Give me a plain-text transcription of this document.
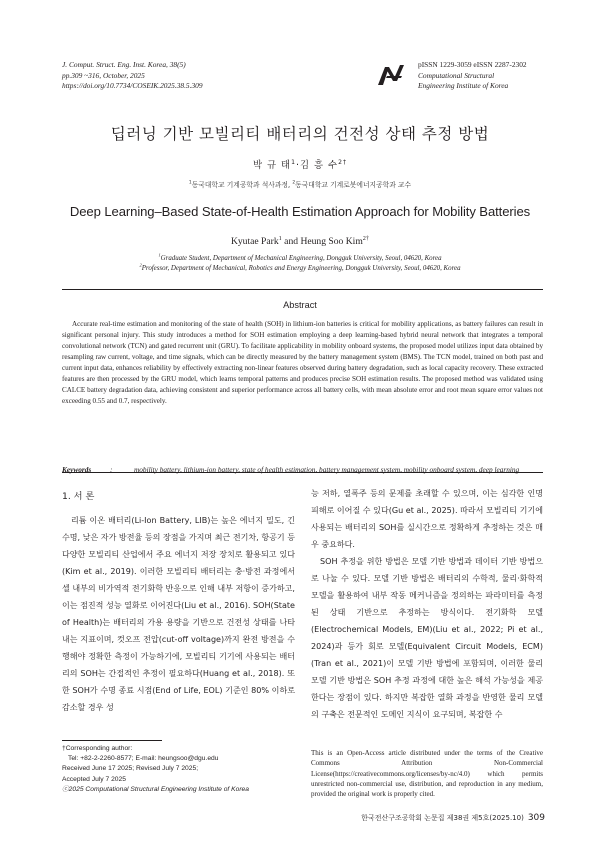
J. Comput. Struct. Eng. Inst. Korea, 38(5)
pp.309 ~316, October, 2025
https://doi.org/10.7734/COSEIK.2025.38.5.309
pISSN 1229-3059 eISSN 2287-2302
Computational Structural
Engineering Institute of Korea
딥러닝 기반 모빌리티 배터리의 건전성 상태 추정 방법
박 규 태$^1$·김 흥 수$^{2\dagger}$
$^1$동국대학교 기계공학과 석사과정, $^2$동국대학교 기계로봇에너지공학과 교수
Deep Learning–Based State-of-Health Estimation Approach for Mobility Batteries
Kyutae Park$^1$ and Heung Soo Kim$^{2\dagger}$
$^1$Graduate Student, Department of Mechanical Engineering, Dongguk University, Seoul, 04620, Korea
$^2$Professor, Department of Mechanical, Robotics and Energy Engineering, Dongguk University, Seoul, 04620, Korea
Abstract
Accurate real-time estimation and monitoring of the state of health (SOH) in lithium-ion batteries is critical for mobility applications, as battery failures can result in significant personal injury. This study introduces a method for SOH estimation employing a deep learning-based hybrid neural network that integrates a temporal convolutional network (TCN) and gated recurrent unit (GRU). To facilitate applicability in mobility onboard systems, the proposed model utilizes input data obtained by resampling raw current, voltage, and time signals, which can be directly measured by the battery management system (BMS). The TCN model, trained on both past and current input data, enhances reliability by effectively extracting non-linear features observed during battery degradation, such as local capacity recovery. These extracted features are then processed by the GRU model, which learns temporal patterns and produces precise SOH estimation results. The proposed method was validated using CALCE battery degradation data, achieving consistent and superior performance across all battery cells, with mean absolute error and root mean square error values not exceeding 0.55 and 0.7, respectively.
Keywords	:	mobility battery, lithium-ion battery, state of health estimation, battery management system, mobility onboard system, deep learning
1. 서 론

리튬 이온 배터리(Li-Ion Battery, LIB)는 높은 에너지 밀도, 긴 수명, 낮은 자가 방전율 등의 장점을 가지며 최근 전기차, 항공기 등 다양한 모빌리티 산업에서 주요 에너지 저장 장치로 활용되고 있다(Kim et al., 2019). 이러한 모빌리티 배터리는 충·방전 과정에서 셀 내부의 비가역적 전기화학 반응으로 인해 내부 저항이 증가하고, 이는 점진적 성능 열화로 이어진다(Liu et al., 2016). SOH(State of Health)는 배터리의 가용 용량을 기반으로 건전성 상태를 나타내는 지표이며, 컷오프 전압(cut-off voltage)까지 완전 방전을 수행해야 정확한 측정이 가능하기에, 모빌리티 기기에 사용되는 배터리의 SOH는 간접적인 추정이 필요하다(Huang et al., 2018). 또한 SOH가 수명 종료 시점(End of Life, EOL) 기준인 80% 이하로 감소할 경우 성

능 저하, 열폭주 등의 문제를 초래할 수 있으며, 이는 심각한 인명 피해로 이어질 수 있다(Gu et al., 2025). 따라서 모빌리티 기기에 사용되는 배터리의 SOH를 실시간으로 정확하게 추정하는 것은 매우 중요하다.

SOH 추정을 위한 방법은 모델 기반 방법과 데이터 기반 방법으로 나눌 수 있다. 모델 기반 방법은 배터리의 수학적, 물리·화학적 모델을 활용하여 내부 작동 메커니즘을 정의하는 파라미터를 측정된 상태 기반으로 추정하는 방식이다. 전기화학 모델(Electrochemical Models, EM)(Liu et al., 2022; Pi et al., 2024)과 등가 회로 모델(Equivalent Circuit Models, ECM)(Tran et al., 2021)이 모델 기반 방법에 포함되며, 이러한 물리 모델 기반 방법은 SOH 추정 과정에 대한 높은 해석 가능성을 제공한다는 장점이 있다. 하지만 복잡한 열화 과정을 반영한 물리 모델의 구축은 전문적인 도메인 지식이 요구되며, 복잡한 수

†Corresponding author:
Tel: +82-2-2260-8577; E-mail: heungsoo@dgu.edu
Received June 17 2025; Revised July 7 2025;
Accepted July 7 2025
ⓒ2025 Computational Structural Engineering Institute of Korea
This is an Open-Access article distributed under the terms of the Creative Commons Attribution Non-Commercial License(https://creativecommons.org/licenses/by-nc/4.0) which permits unrestricted non-commercial use, distribution, and reproduction in any medium, provided the original work is properly cited.
한국전산구조공학회 논문집 제38권 제5호(2025.10) 309
